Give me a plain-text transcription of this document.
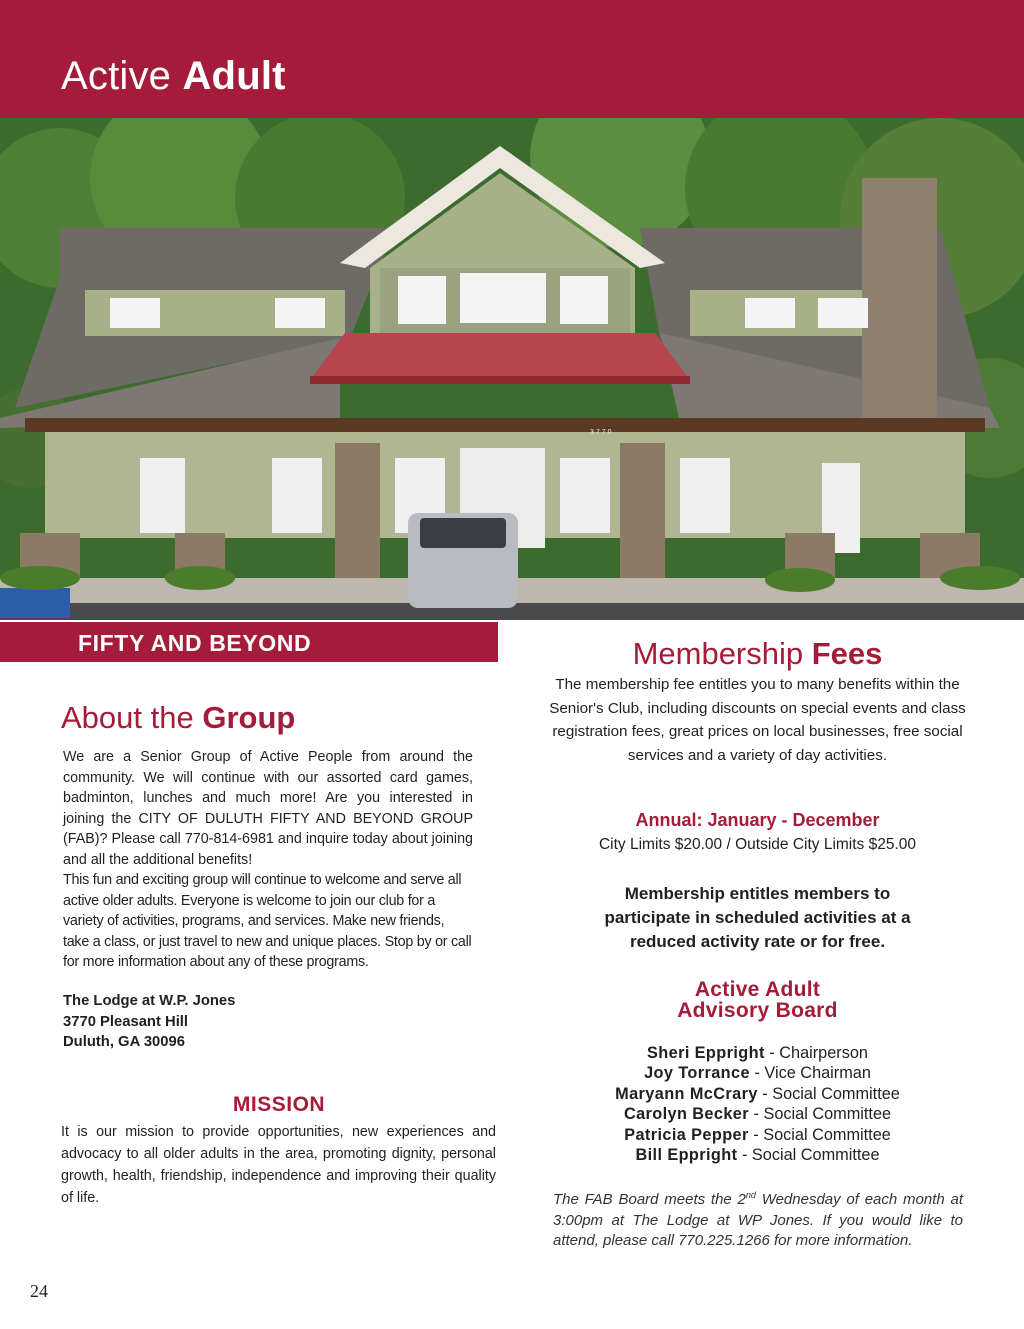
Active Adult
3770
FIFTY AND BEYOND
About the Group

We are a Senior Group of Active People from around the community. We will continue with our assorted card games, badminton, lunches and much more! Are you interested in joining the CITY OF DULUTH FIFTY AND BEYOND GROUP (FAB)? Please call 770-814-6981 and inquire today about joining and all the additional benefits!

This fun and exciting group will continue to welcome and serve all active older adults. Everyone is welcome to join our club for a variety of activities, programs, and services. Make new friends, take a class, or just travel to new and unique places. Stop by or call for more information about any of these programs.

The Lodge at W.P. Jones
3770 Pleasant Hill
Duluth, GA 30096
MISSION
It is our mission to provide opportunities, new experiences and advocacy to all older adults in the area, promoting dignity, personal growth, health, friendship, independence and improving their quality of life.
Membership Fees
The membership fee entitles you to many benefits within the Senior's Club, including discounts on special events and class registration fees, great prices on local businesses, free social services and a variety of day activities.
Annual: January - December
City Limits $20.00 / Outside City Limits $25.00
Membership entitles members to participate in scheduled activities at a reduced activity rate or for free.
Active Adult
Advisory Board
Sheri Eppright - Chairperson
Joy Torrance - Vice Chairman
Maryann McCrary - Social Committee
Carolyn Becker - Social Committee
Patricia Pepper - Social Committee
Bill Eppright - Social Committee
The FAB Board meets the 2nd Wednesday of each month at 3:00pm at The Lodge at WP Jones. If you would like to attend, please call 770.225.1266 for more information.
24
